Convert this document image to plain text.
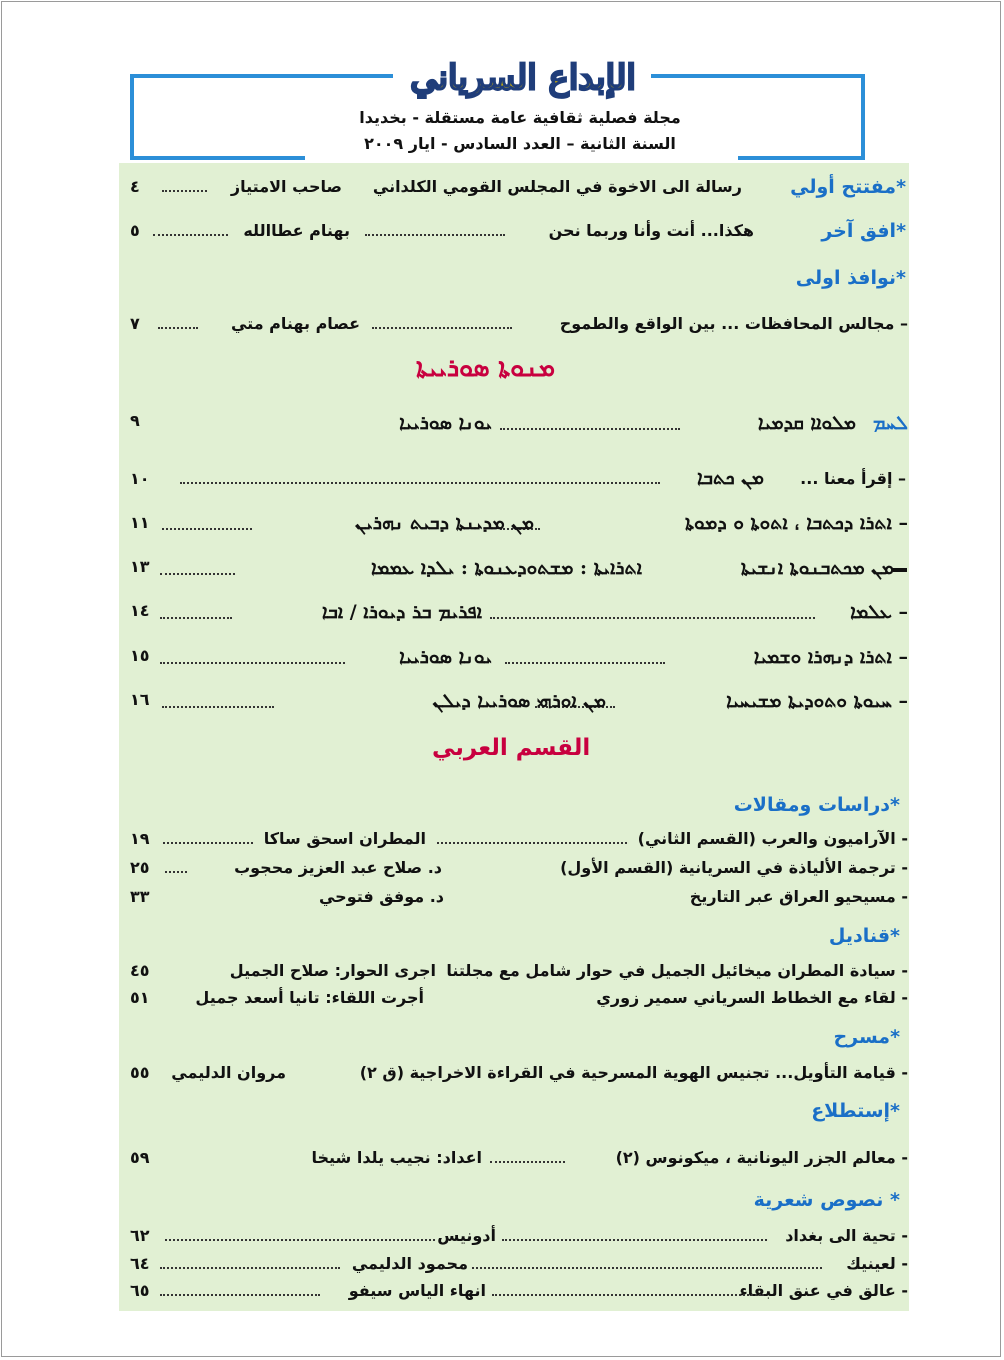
الإبداع السرياني
مجلة فصلية ثقافية عامة مستقلة - بخديدا
السنة الثانية – العدد السادس - ايار ٢٠٠٩
*مفتتح أولي
رسالة الى الاخوة في المجلس القومي الكلداني
صاحب الامتياز
٤
*افق آخر
هكذا... أنت وأنا وربما نحن
بهنام عطاالله
٥
*نوافذ اولى
– مجالس المحافظات ... بين الواقع والطموح
عصام بهنام متي
٧
ܡܢܘܬܐ ܣܘܪܝܝܬܐ
ܠܚܡ
ܡܠܘܐܐ ܩܕܡܝܐ
ܝܘܢܐ ܣܘܪܝܝܐ
٩
– إقرأ معنا ...
ܡܢ ܟܬܒܐ
١٠
– ܐܬܪܐ ܕܟܬܒܐ ، ܐܬܘܬܐ ܘ ܕܡܘܬܐ
ܡܢ ܡܕܝܢܬܐ ܕܒܝܬ ܢܗܪܝܢ
١١
ܡܢ ܡܟܬܒܢܘܬܐ ܐܢܫܝܬܐ
ܐܬܪܐܝܬܐ : ܡܫܬܘܕܥܢܘܬܐ : ܝܠܕܐ ܥܡܡܐ
١٣
– ܥܠܡܐ
ܐܦܪܝܡ ܒܪ ܕܝܘܪܐ / ܐܒܐ
١٤
– ܐܬܪܐ ܕܢܗܪܐ ܘܫܡܝܐ
ܝܘܢܐ ܣܘܪܝܝܐ
١٥
– ܚܝܘܬܐ ܘܬܘܕܝܬܐ ܡܫܝܚܝܐ
ܡܢ ܐܘܪܗܝ ܣܘܪܝܝܐ ܕܝܠܢ
١٦
القسم العربي
*دراسات ومقالات
- الآراميون والعرب (القسم الثاني)
المطران اسحق ساكا
١٩
- ترجمة الألياذة في السريانية (القسم الأول)
د. صلاح عبد العزيز محجوب
٢٥
- مسيحيو العراق عبر التاريخ
د. موفق فتوحي
٣٣
*قناديل
- سيادة المطران ميخائيل الجميل في حوار شامل مع مجلتنا
اجرى الحوار: صلاح الجميل
٤٥
- لقاء مع الخطاط السرياني سمير زوري
أجرت اللقاء: تانيا أسعد جميل
٥١
*مسرح
- قيامة التأويل... تجنيس الهوية المسرحية في القراءة الاخراجية (ق ٢)
مروان الدليمي
٥٥
*إستطلاع
- معالم الجزر اليونانية ، ميكونوس (٢)
اعداد: نجيب يلدا شيخا
٥٩
* نصوص شعرية
- تحية الى بغداد
أدونيس
٦٢
- لعينيك
محمود الدليمي
٦٤
- عالق في عنق البقاء
انهاء الياس سيفو
٦٥
